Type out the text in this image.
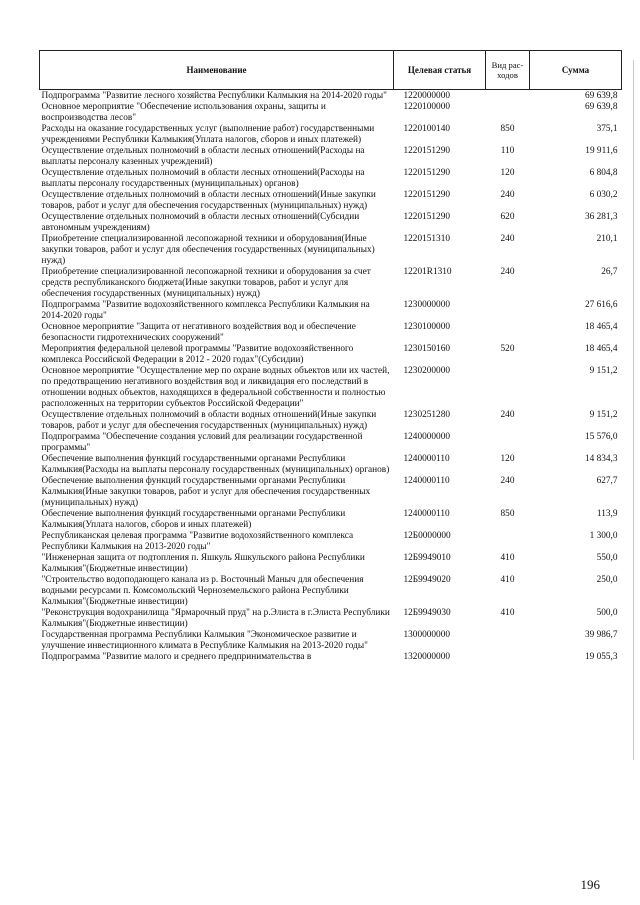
Наименование	Целевая статья	Вид рас-ходов	Сумма
Подпрограмма "Развитие лесного хозяйства Республики Калмыкия на 2014-2020 годы"	1220000000		69 639,8
Основное мероприятие "Обеспечение использования охраны, защиты и воспроизводства лесов"	1220100000		69 639,8
Расходы на оказание государственных услуг (выполнение работ) государственными учреждениями Республики Калмыкия(Уплата налогов, сборов и иных платежей)	1220100140	850	375,1
Осуществление отдельных полномочий в области лесных отношений(Расходы на выплаты персоналу казенных учреждений)	1220151290	110	19 911,6
Осуществление отдельных полномочий в области лесных отношений(Расходы на выплаты персоналу государственных (муниципальных) органов)	1220151290	120	6 804,8
Осуществление отдельных полномочий в области лесных отношений(Иные закупки товаров, работ и услуг для обеспечения государственных (муниципальных) нужд)	1220151290	240	6 030,2
Осуществление отдельных полномочий в области лесных отношений(Субсидии автономным учреждениям)	1220151290	620	36 281,3
Приобретение специализированной лесопожарной техники и оборудования(Иные закупки товаров, работ и услуг для обеспечения государственных (муниципальных) нужд)	1220151310	240	210,1
Приобретение специализированной лесопожарной техники и оборудования за счет средств республиканского бюджета(Иные закупки товаров, работ и услуг для обеспечения государственных (муниципальных) нужд)	12201R1310	240	26,7
Подпрограмма "Развитие водохозяйственного комплекса Республики Калмыкия на 2014-2020 годы"	1230000000		27 616,6
Основное мероприятие "Защита от негативного воздействия вод и обеспечение безопасности гидротехнических сооружений"	1230100000		18 465,4
Мероприятия федеральной целевой программы "Развитие водохозяйственного комплекса Российской Федерации в 2012 - 2020 годах"(Субсидии)	1230150160	520	18 465,4
Основное мероприятие "Осуществление мер по охране водных объектов или их частей, по предотвращению негативного воздействия вод и ликвидация его последствий в отношении водных объектов, находящихся в федеральной собственности и полностью расположенных на территории субъектов Российской Федерации"	1230200000		9 151,2
Осуществление отдельных полномочий в области водных отношений(Иные закупки товаров, работ и услуг для обеспечения государственных (муниципальных) нужд)	1230251280	240	9 151,2
Подпрограмма "Обеспечение создания условий для реализации государственной программы"	1240000000		15 576,0
Обеспечение выполнения функций государственными органами Республики Калмыкия(Расходы на выплаты персоналу государственных (муниципальных) органов)	1240000110	120	14 834,3
Обеспечение выполнения функций государственными органами Республики Калмыкия(Иные закупки товаров, работ и услуг для обеспечения государственных (муниципальных) нужд)	1240000110	240	627,7
Обеспечение выполнения функций государственными органами Республики Калмыкия(Уплата налогов, сборов и иных платежей)	1240000110	850	113,9
Республиканская целевая программа "Развитие водохозяйственного комплекса Республики Калмыкия на 2013-2020 годы"	12Б0000000		1 300,0
"Инженерная защита от подтопления п. Яшкуль Яшкульского района Республики Калмыкия"(Бюджетные инвестиции)	12Б9949010	410	550,0
"Строительство водоподающего канала из р. Восточный Маныч для обеспечения водными ресурсами п. Комсомольский Черноземельского района Республики Калмыкия"(Бюджетные инвестиции)	12Б9949020	410	250,0
"Реконструкция водохранилища "Ярмарочный пруд" на р.Элиста в г.Элиста Республики Калмыкия"(Бюджетные инвестиции)	12Б9949030	410	500,0
Государственная программа Республики Калмыкия "Экономическое развитие и улучшение инвестиционного климата в Республике Калмыкия на 2013-2020 годы"	1300000000		39 986,7
Подпрограмма "Развитие малого и среднего предпринимательства в	1320000000		19 055,3
196
